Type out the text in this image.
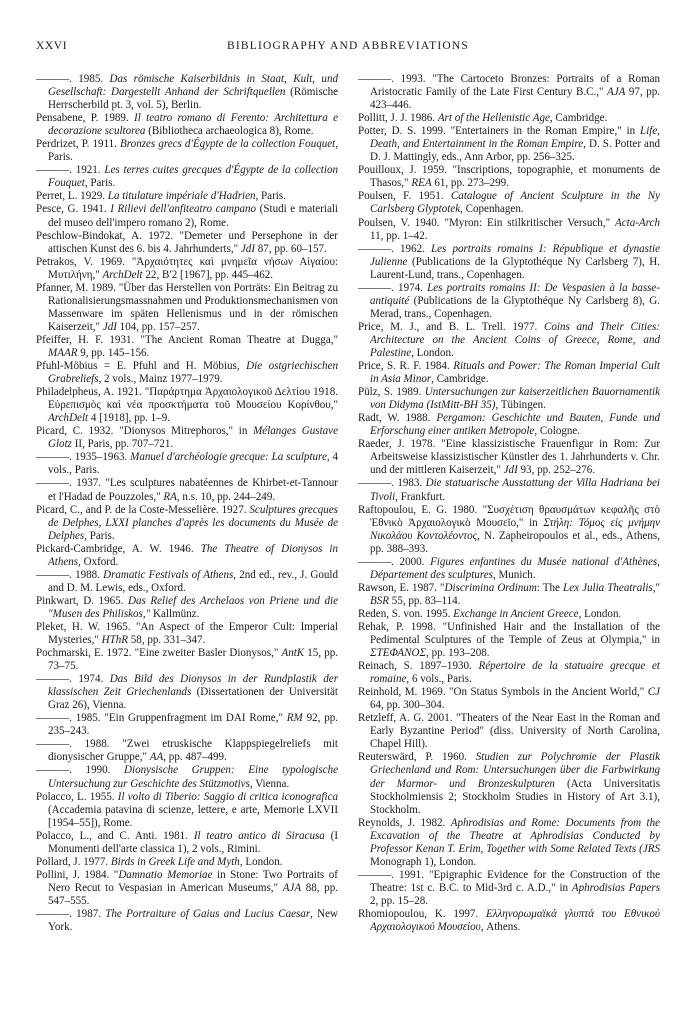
XXVI	BIBLIOGRAPHY AND ABBREVIATIONS

———. 1985. Das römische Kaiserbildnis in Staat, Kult, und Gesellschaft: Dargestellt Anhand der Schriftquellen (Römische Herrscherbild pt. 3, vol. 5), Berlin.

Pensabene, P. 1989. Il teatro romano di Ferento: Architettura e decorazione scultorea (Bibliotheca archaeologica 8), Rome.

Perdrizet, P. 1911. Bronzes grecs d'Égypte de la collection Fouquet, Paris.

———. 1921. Les terres cuites grecques d'Égypte de la collection Fouquet, Paris.

Perret, L. 1929. La titulature impériale d'Hadrien, Paris.

Pesce, G. 1941. I Rilievi dell'anfiteatro campano (Studi e materiali del museo dell'impero romano 2), Rome.

Peschlow-Bindokat, A. 1972. "Demeter und Persephone in der attischen Kunst des 6. bis 4. Jahrhunderts," JdI 87, pp. 60–157.

Petrakos, V. 1969. "Ἀρχαιότητες καὶ μνημεῖα νήσων Αἰγαίου: Μυτιλήνη," ArchDelt 22, B′2 [1967], pp. 445–462.

Pfanner, M. 1989. "Über das Herstellen von Porträts: Ein Beitrag zu Rationalisierungsmassnahmen und Produktionsmechanismen von Massenware im späten Hellenismus und in der römischen Kaiserzeit," JdI 104, pp. 157–257.

Pfeiffer, H. F. 1931. "The Ancient Roman Theatre at Dugga," MAAR 9, pp. 145–156.

Pfuhl-Möbius = E. Pfuhl and H. Möbius, Die ostgriechischen Grabreliefs, 2 vols., Mainz 1977–1979.

Philadelpheus, A. 1921. "Παράρτημα Ἀρχαιολογικοῦ Δελτίου 1918. Εὐρεπισμὸς καὶ νέα προσκτήματα τοῦ Μουσείου Κορίνθου," ArchDelt 4 [1918], pp. 1–9.

Picard, C. 1932. "Dionysos Mitrephoros," in Mélanges Gustave Glotz II, Paris, pp. 707–721.

———. 1935–1963. Manuel d'archéologie grecque: La sculpture, 4 vols., Paris.

———. 1937. "Les sculptures nabatéennes de Khirbet-et-Tannour et l'Hadad de Pouzzoles," RA, n.s. 10, pp. 244–249.

Picard, C., and P. de la Coste-Messelière. 1927. Sculptures grecques de Delphes, LXXI planches d'après les documents du Musée de Delphes, Paris.

Pickard-Cambridge, A. W. 1946. The Theatre of Dionysos in Athens, Oxford.

———. 1988. Dramatic Festivals of Athens, 2nd ed., rev., J. Gould and D. M. Lewis, eds., Oxford.

Pinkwart, D. 1965. Das Relief des Archelaos von Priene und die "Musen des Philiskos," Kallmünz.

Pleket, H. W. 1965. "An Aspect of the Emperor Cult: Imperial Mysteries," HThR 58, pp. 331–347.

Pochmarski, E. 1972. "Eine zweiter Basler Dionysos," AntK 15, pp. 73–75.

———. 1974. Das Bild des Dionysos in der Rundplastik der klassischen Zeit Griechenlands (Dissertationen der Universität Graz 26), Vienna.

———. 1985. "Ein Gruppenfragment im DAI Rome," RM 92, pp. 235–243.

———. 1988. "Zwei etruskische Klappspiegelreliefs mit dionysischer Gruppe," AA, pp. 487–499.

———. 1990. Dionysische Gruppen: Eine typologische Untersuchung zur Geschichte des Stützmotivs, Vienna.

Polacco, L. 1955. Il volto di Tiberio: Saggio di critica iconografica (Accademia patavina di scienze, lettere, e arte, Memorie LXVII [1954–55]), Rome.

Polacco, L., and C. Anti. 1981. Il teatro antico di Siracusa (I Monumenti dell'arte classica 1), 2 vols., Rimini.

Pollard, J. 1977. Birds in Greek Life and Myth, London.

Pollini, J. 1984. "Damnatio Memoriae in Stone: Two Portraits of Nero Recut to Vespasian in American Museums," AJA 88, pp. 547–555.

———. 1987. The Portraiture of Gaius and Lucius Caesar, New York.

———. 1993. "The Cartoceto Bronzes: Portraits of a Roman Aristocratic Family of the Late First Century B.C.," AJA 97, pp. 423–446.

Pollitt, J. J. 1986. Art of the Hellenistic Age, Cambridge.

Potter, D. S. 1999. "Entertainers in the Roman Empire," in Life, Death, and Entertainment in the Roman Empire, D. S. Potter and D. J. Mattingly, eds., Ann Arbor, pp. 256–325.

Pouilloux, J. 1959. "Inscriptions, topographie, et monuments de Thasos," REA 61, pp. 273–299.

Poulsen, F. 1951. Catalogue of Ancient Sculpture in the Ny Carlsberg Glyptotek, Copenhagen.

Poulsen, V. 1940. "Myron: Ein stilkritischer Versuch," Acta-Arch 11, pp. 1–42.

———. 1962. Les portraits romains I: République et dynastie Julienne (Publications de la Glyptothéque Ny Carlsberg 7), H. Laurent-Lund, trans., Copenhagen.

———. 1974. Les portraits romains II: De Vespasien à la basse-antiquité (Publications de la Glyptothéque Ny Carlsberg 8), G. Merad, trans., Copenhagen.

Price, M. J., and B. L. Trell. 1977. Coins and Their Cities: Architecture on the Ancient Coins of Greece, Rome, and Palestine, London.

Price, S. R. F. 1984. Rituals and Power: The Roman Imperial Cult in Asia Minor, Cambridge.

Pülz, S. 1989. Untersuchungen zur kaiserzeitlichen Bauornamentik von Didyma (IstMitt-BH 35), Tübingen.

Radt, W. 1988. Pergamon: Geschichte und Bauten, Funde und Erforschung einer antiken Metropole, Cologne.

Raeder, J. 1978. "Eine klassizistische Frauenfigur in Rom: Zur Arbeitsweise klassizistischer Künstler des 1. Jahrhunderts v. Chr. und der mittleren Kaiserzeit," JdI 93, pp. 252–276.

———. 1983. Die statuarische Ausstattung der Villa Hadriana bei Tivoli, Frankfurt.

Raftopoulou, E. G. 1980. "Συσχέτιση θραυσμάτων κεφαλῆς στὸ Ἐθνικὸ Ἀρχαιολογικὸ Μουσεῖο," in Στήλη: Τόμος εἰς μνήμην Νικολάου Κοντολέοντος, N. Zapheiropoulos et al., eds., Athens, pp. 388–393.

———. 2000. Figures enfantines du Musée national d'Athènes, Département des sculptures, Munich.

Rawson, E. 1987. "Discrimina Ordinum: The Lex Julia Theatralis," BSR 55, pp. 83–114.

Reden, S. von. 1995. Exchange in Ancient Greece, London.

Rehak, P. 1998. "Unfinished Hair and the Installation of the Pedimental Sculptures of the Temple of Zeus at Olympia," in ΣΤΕΦΑΝΟΣ, pp. 193–208.

Reinach, S. 1897–1930. Répertoire de la statuaire grecque et romaine, 6 vols., Paris.

Reinhold, M. 1969. "On Status Symbols in the Ancient World," CJ 64, pp. 300–304.

Retzleff, A. G. 2001. "Theaters of the Near East in the Roman and Early Byzantine Period" (diss. University of North Carolina, Chapel Hill).

Reuterswärd, P. 1960. Studien zur Polychromie der Plastik Griechenland und Rom: Untersuchungen über die Farbwirkung der Marmor- und Bronzeskulpturen (Acta Universitatis Stockholmiensis 2; Stockholm Studies in History of Art 3.1), Stockholm.

Reynolds, J. 1982. Aphrodisias and Rome: Documents from the Excavation of the Theatre at Aphrodisias Conducted by Professor Kenan T. Erim, Together with Some Related Texts (JRS Monograph 1), London.

———. 1991. "Epigraphic Evidence for the Construction of the Theatre: 1st c. B.C. to Mid-3rd c. A.D.," in Aphrodisias Papers 2, pp. 15–28.

Rhomiopoulou, K. 1997. Ελληνορωμαϊκά γλυπτά του Εθνικού Αρχαιολογικού Μουσείου, Athens.
